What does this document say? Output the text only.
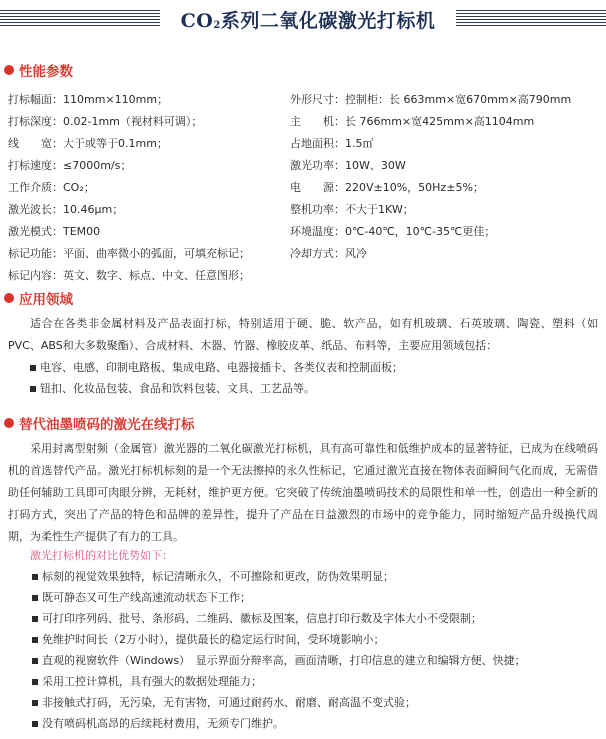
$CO_2$系列二氧化碳激光打标机
性能参数
打标幅面：110mm×110mm；	外形尺寸：控制柜：长 663mm×宽670mm×高790mm
打标深度：0.02-1mm（视材料可调）；	主　　机：长 766mm×宽425mm×高1104mm
线　　宽：大于或等于0.1mm；	占地面积：1.5㎡
打标速度：≤7000m/s；	激光功率：10W、30W
工作介质：CO₂；	电　　源：220V±10%，50Hz±5%；
激光波长：10.46μm；	整机功率：不大于1KW；
激光模式：TEM00	环境温度：0℃-40℃，10℃-35℃更佳；
标记功能：平面、曲率微小的弧面，可填充标记；	冷却方式：风冷
标记内容：英文、数字、标点、中文、任意图形；
应用领域
适合在各类非金属材料及产品表面打标，特别适用于硬、脆、软产品，如有机玻璃、石英玻璃、陶瓷、塑料（如PVC、ABS和大多数聚酯）、合成材料、木器、竹器、橡胶皮革、纸品、布料等，主要应用领域包括：
电容、电感、印制电路板、集成电路、电器接插卡、各类仪表和控制面板；
钮扣、化妆品包装、食品和饮料包装、文具、工艺品等。
替代油墨喷码的激光在线打标
采用封离型射频（金属管）激光器的二氧化碳激光打标机，具有高可靠性和低维护成本的显著特征，已成为在线喷码机的首选替代产品。激光打标机标刻的是一个无法擦掉的永久性标记，它通过激光直接在物体表面瞬间气化而成，无需借助任何辅助工具即可肉眼分辨，无耗材，维护更方便。它突破了传统油墨喷码技术的局限性和单一性，创造出一种全新的打码方式，突出了产品的特色和品牌的差异性，提升了产品在日益激烈的市场中的竞争能力，同时缩短产品升级换代周期，为柔性生产提供了有力的工具。
激光打标机的对比优势如下：
标刻的视觉效果独特，标记清晰永久，不可擦除和更改，防伪效果明显；
既可静态又可生产线高速流动状态下工作；
可打印序列码、批号、条形码、二维码、徽标及图案，信息打印行数及字体大小不受限制；
免维护时间长（2万小时），提供最长的稳定运行时间，受环境影响小；
直观的视窗软件（Windows）　显示界面分辩率高，画面清晰，打印信息的建立和编辑方便、快捷；
采用工控计算机，具有强大的数据处理能力；
非接触式打码，无污染，无有害物，可通过耐药水、耐磨、耐高温不变式验；
没有喷码机高昂的后续耗材费用，无须专门维护。
